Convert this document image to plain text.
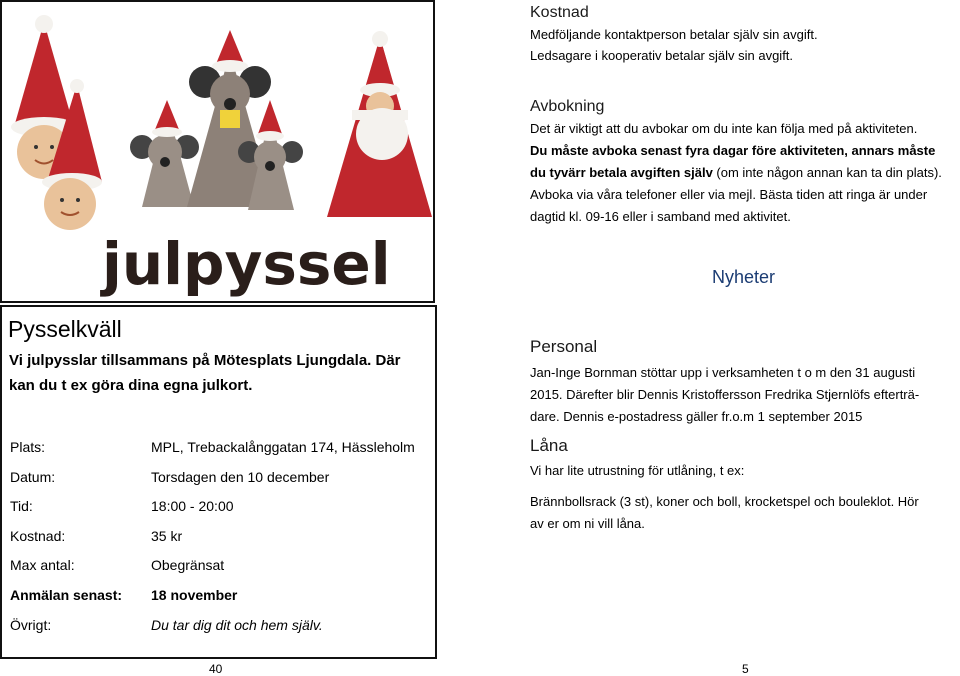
julpyssel
Pysselkväll
Vi julpysslar tillsammans på Mötesplats Ljungdala. Där
kan du t ex göra dina egna julkort.
Plats:	MPL, Trebackalånggatan 174, Hässleholm
Datum:	Torsdagen den 10 december
Tid:	18:00 - 20:00
Kostnad:	35 kr
Max antal:	Obegränsat
Anmälan senast: 18 november
Övrigt:	Du tar dig dit och hem själv.
40
Kostnad
Medföljande kontaktperson betalar själv sin avgift.
Ledsagare i kooperativ betalar själv sin avgift.
Avbokning
Det är viktigt att du avbokar om du inte kan följa med på aktiviteten.
Du måste avboka senast fyra dagar före aktiviteten, annars måste
du tyvärr betala avgiften själv (om inte någon annan kan ta din plats).
Avboka via våra telefoner eller via mejl. Bästa tiden att ringa är under
dagtid kl. 09-16 eller i samband med aktivitet.
Nyheter
Personal
Jan-Inge Bornman stöttar upp i verksamheten t o m den 31 augusti
2015. Därefter blir Dennis Kristoffersson Fredrika Stjernlöfs efterträ-
dare. Dennis e-postadress gäller fr.o.m 1 september 2015
Låna
Vi har lite utrustning för utlåning, t ex:
Brännbollsrack (3 st), koner och boll, krocketspel och bouleklot. Hör
av er om ni vill låna.
5
